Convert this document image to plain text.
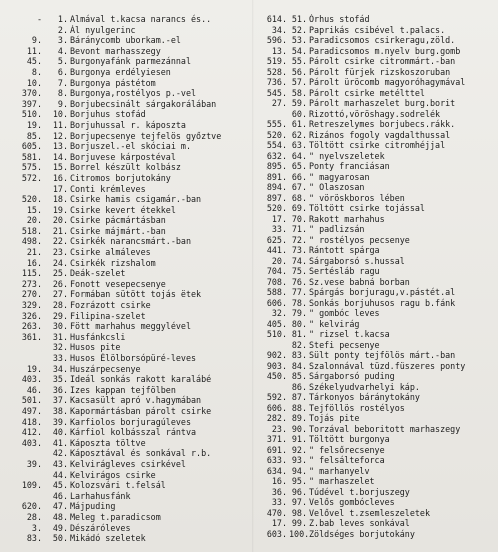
-	1. Almával t.kacsa narancs és..
2. Ál nyulgerinc
9.	3. Báránycomb uborkam.-el
11.	4. Bevont marhasszegy
45.	5. Burgonyafánk parmezánnal
8.	6. Burgonya erdélyiesen
10.	7. Burgonya pástétom
370.	8. Burgonya,rostélyos p.-vel
397.	9. Borjubecsinált sárgakorálában
510.	10. Borjuhus stofád
19.	11. Borjuhussal r. káposzta
85.	12. Borjupecsenye tejfelös győztve
605.	13. Borjuszel.-el skóciai m.
581.	14. Borjuvese kárpostéval
575.	15. Borrel készült kolbász
572.	16. Citromos borjutokány
17. Conti krémleves
520.	18. Csirke hamis csigamár.-ban
15.	19. Csirke kevert étekkel
20.	20. Csirke pácmártásban
518.	21. Csirke májmárt.-ban
498.	22. Csirkék narancsmárt.-ban
21.	23. Csirke almáleves
16.	24. Csirkék rizshalom
115.	25. Deák-szelet
273.	26. Fonott vesepecsenye
270.	27. Formában sütött tojás ëtek
329.	28. Fozrázott csirke
326.	29. Filipina-szelet
263.	30. Fött marhahus meggylével
361.	31. Husfánkcsli
32. Husos pite
33. Husos Élölborsópüré-leves
19.	34. Huszárpecsenye
403.	35. Ideál sonkás rakott karalábé
46.	36. Izes kappan tejfölben
501.	37. Kacsasült apró v.hagymában
497.	38. Kapormártásban párolt csirke
418.	39. Karfiolos borjuragúleves
412.	40. Kárfiol kolbásszal rántva
403.	41. Káposzta töltve
42. Káposztával és sonkával r.b.
39.	43. Kelvirágleves csirkével
44. Kelvirágos csirke
109.	45. Kolozsvári t.felsál
46. Larhahusfánk
620.	47. Májpuding
28.	48. Meleg t.paradicsom
3.	49. Dészáróleves
83.	50. Mikádó szeletek
614. 51. Órhus stofád
34. 52. Paprikás csibével t.palacs.
596. 53. Paradicsomos csirkeragu,zöld.
13. 54. Paradicsomos m.nyelv burg.gomb
519. 55. Párolt csirke citrommárt.-ban
528. 56. Párolt fürjek rizskoszoruban
736. 57. Párolt üröcomb magyoróhagymával
545. 58. Párolt csirke metélttel
27. 59. Párolt marhaszelet burg.borit
60. Rizottó,vöröshagy.sodrelék
555. 61. Retreszelymes borjubecs.rákk.
520. 62. Rizános fogoly vagdalthussal
554. 63. Töltött csirke citromhéjjal
632. 64. " nyelvszeletek
895. 65. Ponty franciásan
891. 66. " magyarosan
894. 67. " Olaszosan
897. 68. " vöröskboros lében
520. 69. Töltött csirke tojással
17. 70. Rakott marhahus
33. 71. " padlizsán
625. 72. " rostélyos pecsenye
441. 73. Rántott spárga
20. 74. Sárgaborsó s.hussal
704. 75. Sertésláb ragu
708. 76. Sz.vese babná borban
588. 77. Spárgás borjuragu,v.pástét.al
606. 78. Sonkás borjuhusos ragu b.fánk
32. 79. " gombóc leves
405. 80. " kelvirág
510. 81. " rizsel t.kacsa
82. Stefi pecsenye
902. 83. Sült ponty tejfölös márt.-ban
903. 84. Szalonnával tüzd.füszeres ponty
450. 85. Sárgaborsó puding
86. Székelyudvarhelyi káp.
592. 87. Tárkonyos báránytokány
606. 88. Tejföllös rostélyos
282. 89. Tojás pite
23. 90. Torzával beboritott marhaszegy
371. 91. Töltött burgonya
691. 92. " felsőrecsenye
633. 93. " felsálteforca
634. 94. " marhanyelv
16. 95. " marhaszelet
36. 96. Túdével t.borjuszegy
33. 97. Velős gombócleves
470. 98. Velővel t.zsemleszeletek
17. 99. Z.bab leves sonkával
603. 100. Zöldséges borjutokány
